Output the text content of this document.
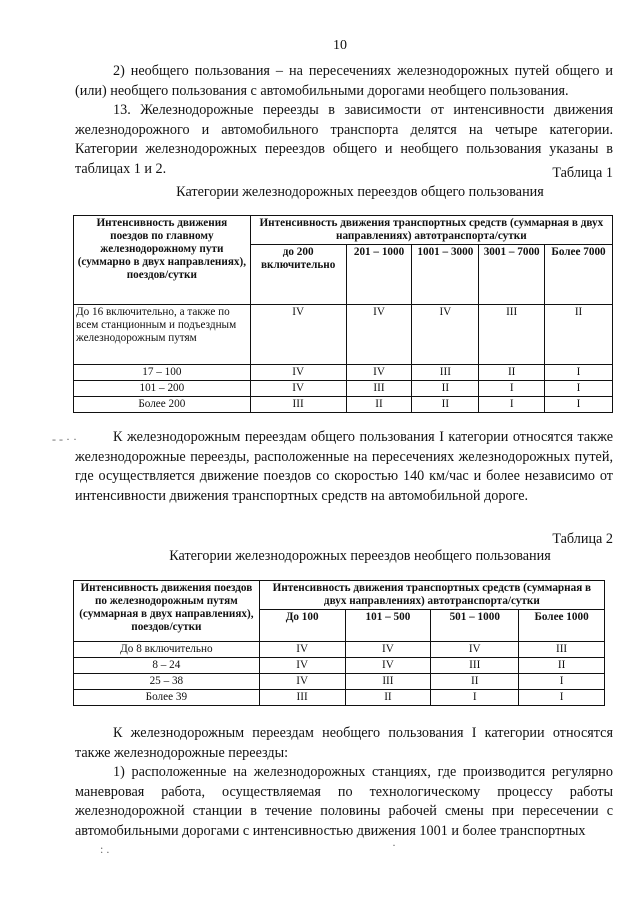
10

2) необщего пользования – на пересечениях железнодорожных путей общего и (или) необщего пользования с автомобильными дорогами необщего пользования.

13. Железнодорожные переезды в зависимости от интенсивности движения железнодорожного и автомобильного транспорта делятся на четыре категории. Категории железнодорожных переездов общего и необщего пользования указаны в таблицах 1 и 2.	Таблица 1
Категории железнодорожных переездов общего пользования
Интенсивность движения поездов по главному железнодорожному пути (суммарно в двух направлениях), поездов/сутки	Интенсивность движения транспортных средств (суммарная в двух направлениях) автотранспорта/сутки				
	до 200 включительно	201 – 1000	1001 – 3000	3001 – 7000	Более 7000
До 16 включительно, а также по всем станционным и подъездным железнодорожным путям	IV	IV	IV	III	II
17 – 100	IV	IV	III	II	I
101 – 200	IV	III	II	I	I
Более 200	III	II	II	I	I
- - · ·	К железнодорожным переездам общего пользования I категории относятся также железнодорожные переезды, расположенные на пересечениях железнодорожных путей, где осуществляется движение поездов со скоростью 140 км/час и более независимо от интенсивности движения транспортных средств на автомобильной дороге.

Таблица 2
Категории железнодорожных переездов необщего пользования
Интенсивность движения поездов по железнодорожным путям (суммарная в двух направлениях), поездов/сутки	Интенсивность движения транспортных средств (суммарная в двух направлениях) автотранспорта/сутки			
	До 100	101 – 500	501 – 1000	Более 1000
До 8 включительно	IV	IV	IV	III
8 – 24	IV	IV	III	II
25 – 38	IV	III	II	I
Более 39	III	II	I	I

К железнодорожным переездам необщего пользования I категории относятся также железнодорожные переезды:

1) расположенные на железнодорожных станциях, где производится регулярно маневровая работа, осуществляемая по технологическому процессу работы железнодорожной станции в течение половины рабочей смены при пересечении с автомобильными дорогами с интенсивностью движения 1001 и более транспортных

: .	·
